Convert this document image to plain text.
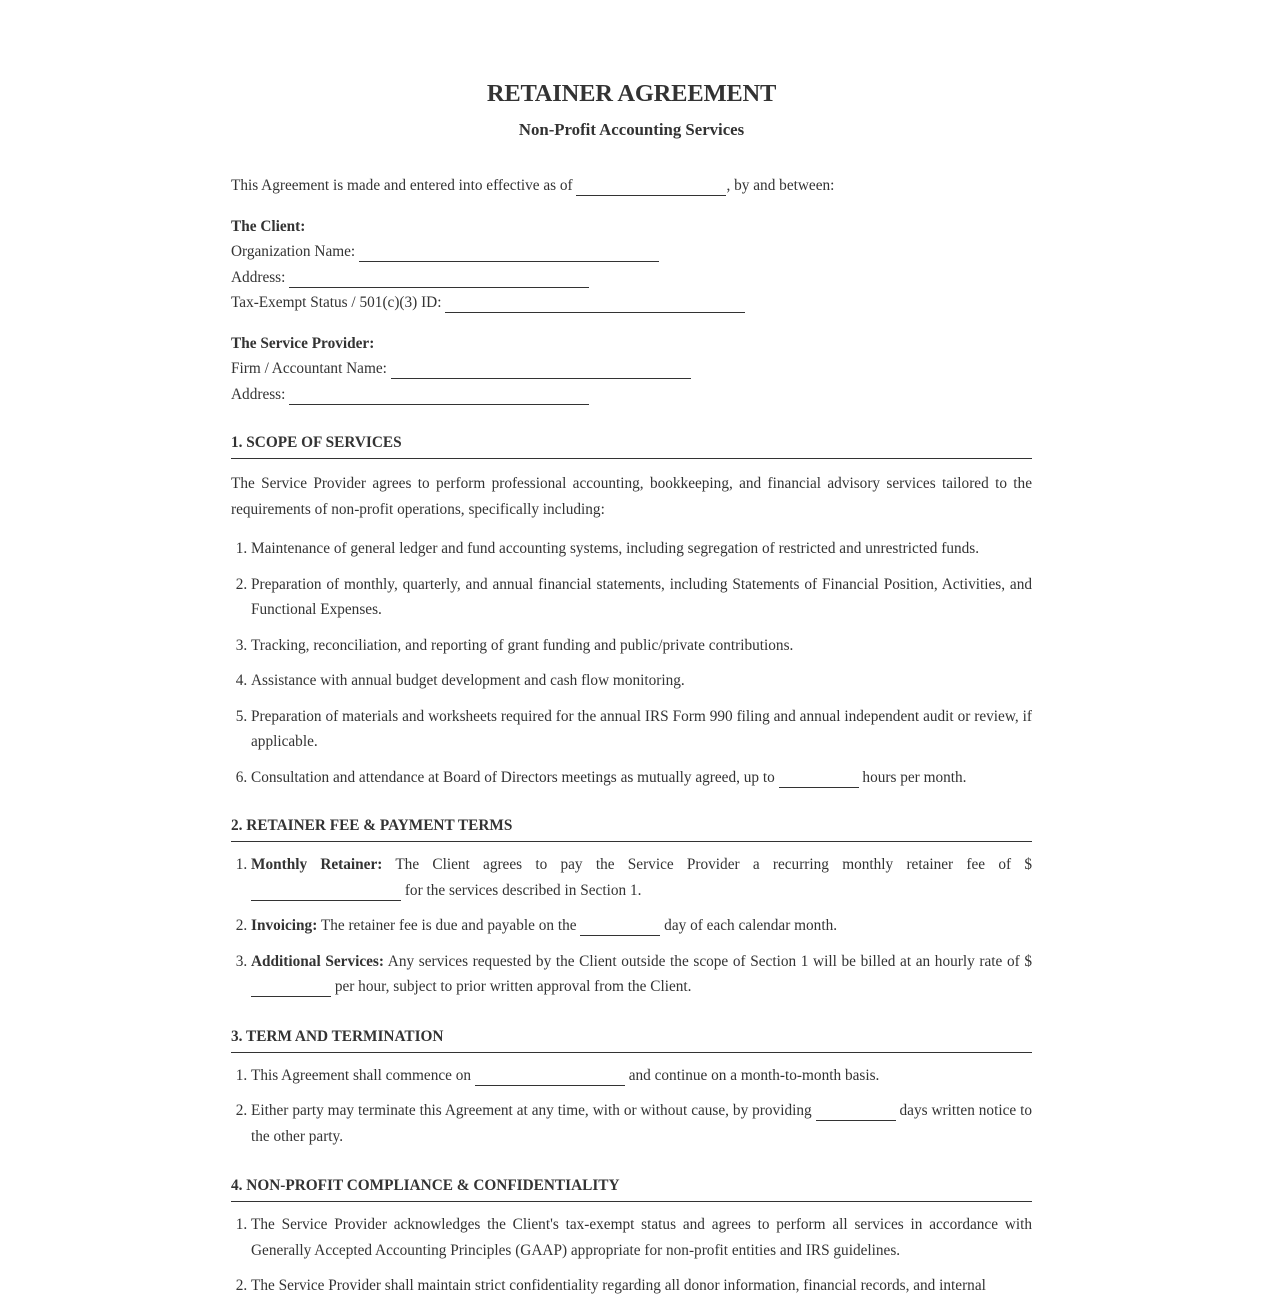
RETAINER AGREEMENT
Non-Profit Accounting Services

This Agreement is made and entered into effective as of	, by and between:

The Client:

Organization Name:

Address:

Tax-Exempt Status / 501(c)(3) ID:

The Service Provider:

Firm / Accountant Name:

Address:

1. SCOPE OF SERVICES

The Service Provider agrees to perform professional accounting, bookkeeping, and financial advisory services tailored to the requirements of non-profit operations, specifically including:

1. Maintenance of general ledger and fund accounting systems, including segregation of restricted and unrestricted funds.
2. Preparation of monthly, quarterly, and annual financial statements, including Statements of Financial Position, Activities, and Functional Expenses.
3. Tracking, reconciliation, and reporting of grant funding and public/private contributions.
4. Assistance with annual budget development and cash flow monitoring.
5. Preparation of materials and worksheets required for the annual IRS Form 990 filing and annual independent audit or review, if applicable.
6. Consultation and attendance at Board of Directors meetings as mutually agreed, up to	hours per month.
2. RETAINER FEE & PAYMENT TERMS
1. Monthly Retainer: The Client agrees to pay the Service Provider a recurring monthly retainer fee of $  for the services described in Section 1.
2. Invoicing: The retainer fee is due and payable on the	day of each calendar month.
3. Additional Services: Any services requested by the Client outside the scope of Section 1 will be billed at an hourly rate of $ per hour, subject to prior written approval from the Client.
3. TERM AND TERMINATION
1. This Agreement shall commence on	and continue on a month-to-month basis.
2. Either party may terminate this Agreement at any time, with or without cause, by providing	days written notice to the other party.
4. NON-PROFIT COMPLIANCE & CONFIDENTIALITY
1. The Service Provider acknowledges the Client's tax-exempt status and agrees to perform all services in accordance with Generally Accepted Accounting Principles (GAAP) appropriate for non-profit entities and IRS guidelines.
2. The Service Provider shall maintain strict confidentiality regarding all donor information, financial records, and internal
